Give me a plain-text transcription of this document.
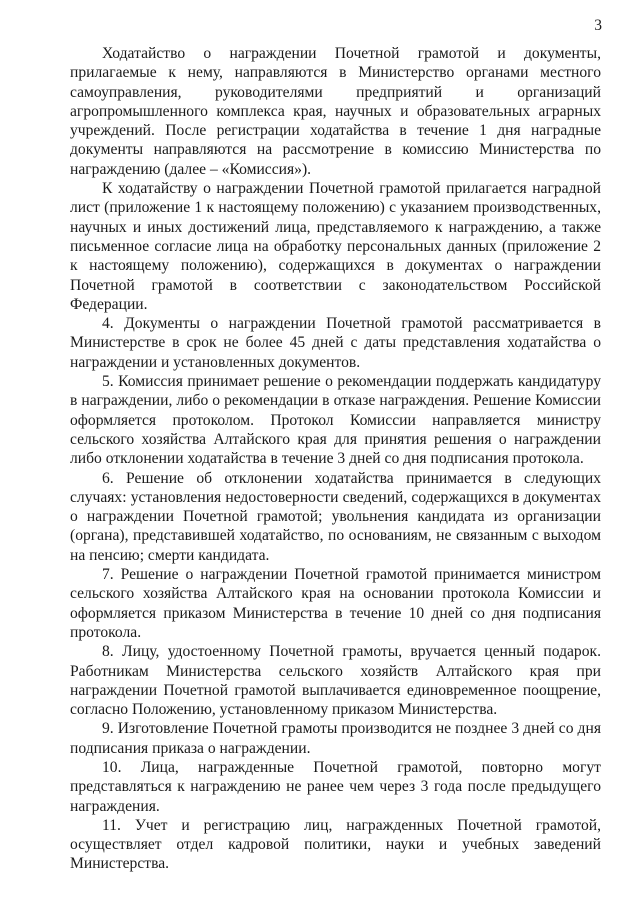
3

Ходатайство о награждении Почетной грамотой и документы, прилагаемые к нему, направляются в Министерство органами местного самоуправления, руководителями предприятий и организаций агропромышленного комплекса края, научных и образовательных аграрных учреждений. После регистрации ходатайства в течение 1 дня наградные документы направляются на рассмотрение в комиссию Министерства по награждению (далее – «Комиссия»).

К ходатайству о награждении Почетной грамотой прилагается наградной лист (приложение 1 к настоящему положению) с указанием производственных, научных и иных достижений лица, представляемого к награждению, а также письменное согласие лица на обработку персональных данных (приложение 2 к настоящему положению), содержащихся в документах о награждении Почетной грамотой в соответствии с законодательством Российской Федерации.

4. Документы о награждении Почетной грамотой рассматривается в Министерстве в срок не более 45 дней с даты представления ходатайства о награждении и установленных документов.

5. Комиссия принимает решение о рекомендации поддержать кандидатуру в награждении, либо о рекомендации в отказе награждения. Решение Комиссии оформляется протоколом. Протокол Комиссии направляется министру сельского хозяйства Алтайского края для принятия решения о награждении либо отклонении ходатайства в течение 3 дней со дня подписания протокола.

6. Решение об отклонении ходатайства принимается в следующих случаях: установления недостоверности сведений, содержащихся в документах о награждении Почетной грамотой; увольнения кандидата из организации (органа), представившей ходатайство, по основаниям, не связанным с выходом на пенсию; смерти кандидата.

7. Решение о награждении Почетной грамотой принимается министром сельского хозяйства Алтайского края на основании протокола Комиссии и оформляется приказом Министерства в течение 10 дней со дня подписания протокола.

8. Лицу, удостоенному Почетной грамоты, вручается ценный подарок. Работникам Министерства сельского хозяйств Алтайского края при награждении Почетной грамотой выплачивается единовременное поощрение, согласно Положению, установленному приказом Министерства.

9. Изготовление Почетной грамоты производится не позднее 3 дней со дня подписания приказа о награждении.

10. Лица, награжденные Почетной грамотой, повторно могут представляться к награждению не ранее чем через 3 года после предыдущего награждения.

11. Учет и регистрацию лиц, награжденных Почетной грамотой, осуществляет отдел кадровой политики, науки и учебных заведений Министерства.
